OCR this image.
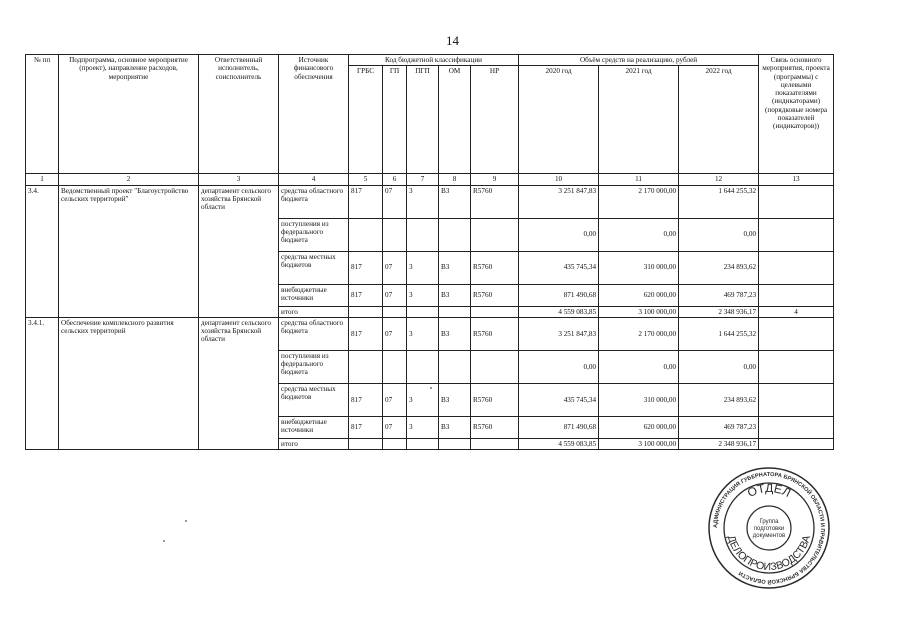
14
№ пп	Подпрограмма, основное мероприятие (проект), направление расходов, мероприятие	Ответственный исполнитель, соисполнитель	Источник финансового обеспечения	Код бюджетной классификации					Объём средств на реализацию, рублей			Связь основного мероприятия, проекта (программы) с целевыми показателями (индикаторами) (порядковые номера показателей (индикаторов))
				ГРБС	ГП	ПГП	ОМ	НР	2020 год	2021 год	2022 год	
1	2	3	4	5	6	7	8	9	10	11	12	13
3.4.	Ведомственный проект "Благоустройство сельских территорий"	департамент сельского хозяйства Брянской области	средства областного бюджета	817	07	3	В3	R5760	3 251 847,83	2 170 000,00	1 644 255,32	
			поступления из федерального бюджета						0,00	0,00	0,00	
			средства местных бюджетов	817	07	3	В3	R5760	435 745,34	310 000,00	234 893,62	
			внебюджетные источники	817	07	3	В3	R5760	871 490,68	620 000,00	469 787,23	
			итого						4 559 083,85	3 100 000,00	2 348 936,17	4
3.4.1.	Обеспечение комплексного развития сельских территорий	департамент сельского хозяйства Брянской области	средства областного бюджета	817	07	3	В3	R5760	3 251 847,83	2 170 000,00	1 644 255,32	
			поступления из федерального бюджета						0,00	0,00	0,00	
			средства местных бюджетов	817	07	3	В3	R5760	435 745,34	310 000,00	234 893,62	
			внебюджетные источники	817	07	3	В3	R5760	871 490,68	620 000,00	469 787,23	
			итого						4 559 083,85	3 100 000,00	2 348 936,17	
АДМИНИСТРАЦИЯ ГУБЕРНАТОРА БРЯНСКОЙ ОБЛАСТИ И ПРАВИТЕЛЬСТВА БРЯНСКОЙ ОБЛАСТИ
ОТДЕЛ
ДЕЛОПРОИЗВОДСТВА
Группа
подготовки
документов
